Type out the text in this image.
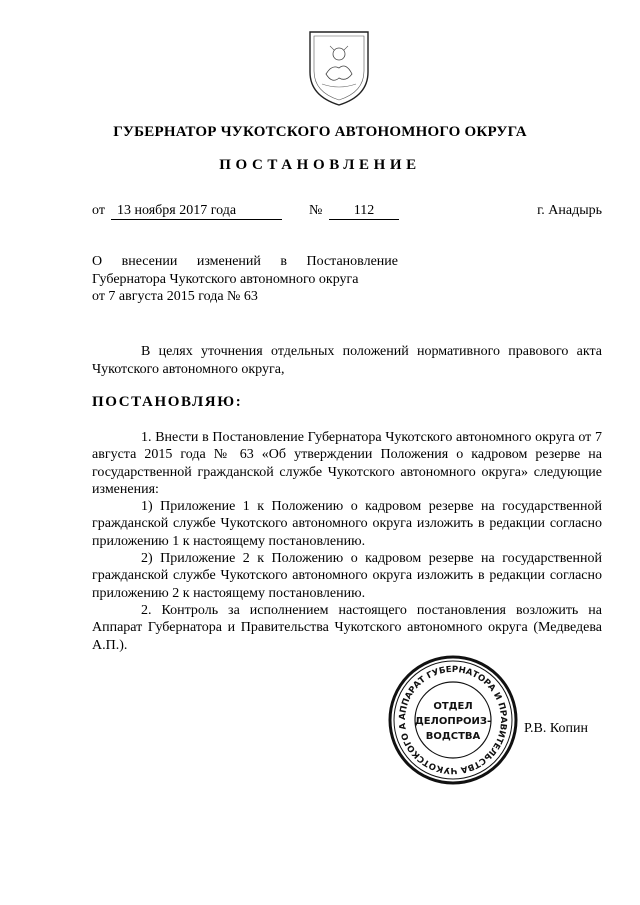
ГУБЕРНАТОР ЧУКОТСКОГО АВТОНОМНОГО ОКРУГА
ПОСТАНОВЛЕНИЕ
от 13 ноября 2017 года	№	112	г. Анадырь
О внесении изменений в Постановление
Губернатора Чукотского автономного округа
от 7 августа 2015 года № 63

В целях уточнения отдельных положений нормативного правового акта Чукотского автономного округа,

ПОСТАНОВЛЯЮ:

1. Внести в Постановление Губернатора Чукотского автономного округа от 7 августа 2015 года № 63 «Об утверждении Положения о кадровом резерве на государственной гражданской службе Чукотского автономного округа» следующие изменения:

1) Приложение 1 к Положению о кадровом резерве на государственной гражданской службе Чукотского автономного округа изложить в редакции согласно приложению 1 к настоящему постановлению.

2) Приложение 2 к Положению о кадровом резерве на государственной гражданской службе Чукотского автономного округа изложить в редакции согласно приложению 2 к настоящему постановлению.

2. Контроль за исполнением настоящего постановления возложить на Аппарат Губернатора и Правительства Чукотского автономного округа (Медведева А.П.).

АППАРАТ ГУБЕРНАТОРА И ПРАВИТЕЛЬСТВА ЧУКОТСКОГО А
ОТДЕЛ
ДЕЛОПРОИЗ-
ВОДСТВА
Р.В. Копин
